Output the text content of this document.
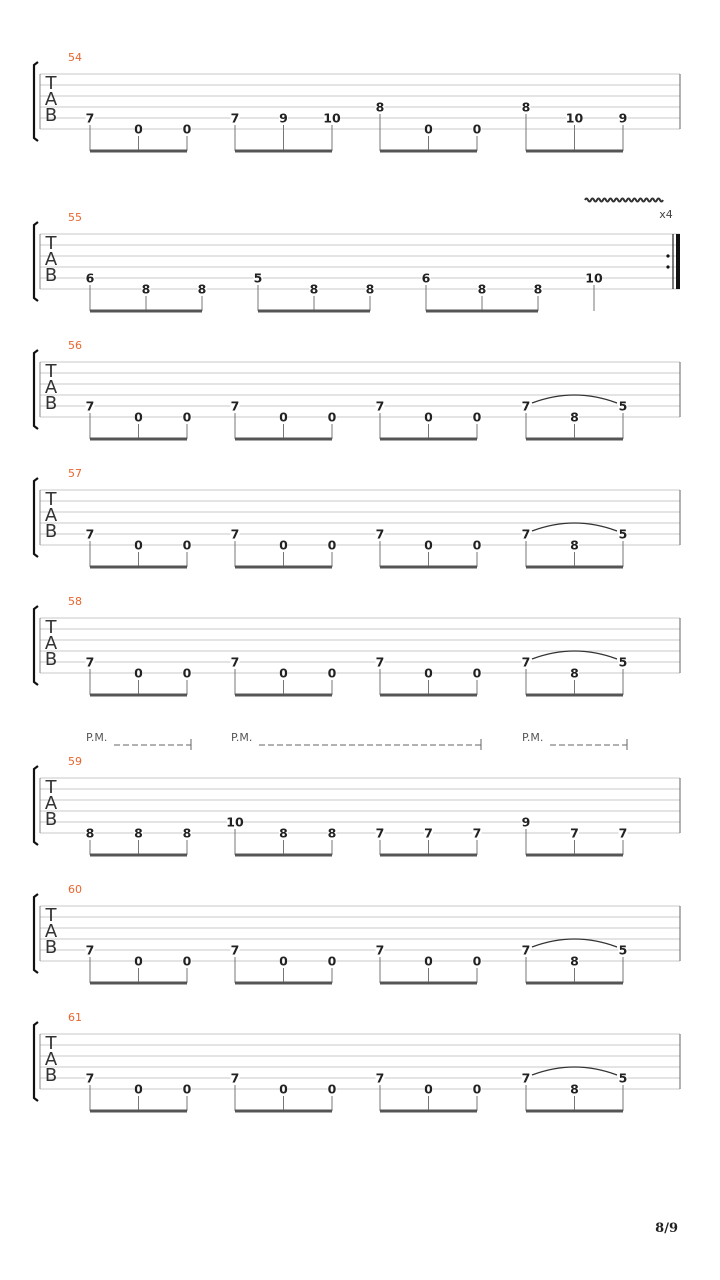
T
A
B
54
7
0	0
7	9	10
8
0	0
8
10	9
T
A
B
55	x4
6
8	8
5
8	8
6
8	8
10
T
A
B
56
7
0	0
7
0	0
7
0	0
7
8
5
T
A
B
57
7
0	0
7
0	0
7
0	0
7
8
5
T
A
B
58
7
0	0
7
0	0
7
0	0
7
8
5
T
A
B
59
8	8	8
10
8	8	7	7	7
9
7	7
P.M.	P.M.	P.M.
T
A
B
60
7
0	0
7
0	0
7
0	0
7
8
5
T
A
B
61
7
0	0
7
0	0
7
0	0
7
8
5
8/9
